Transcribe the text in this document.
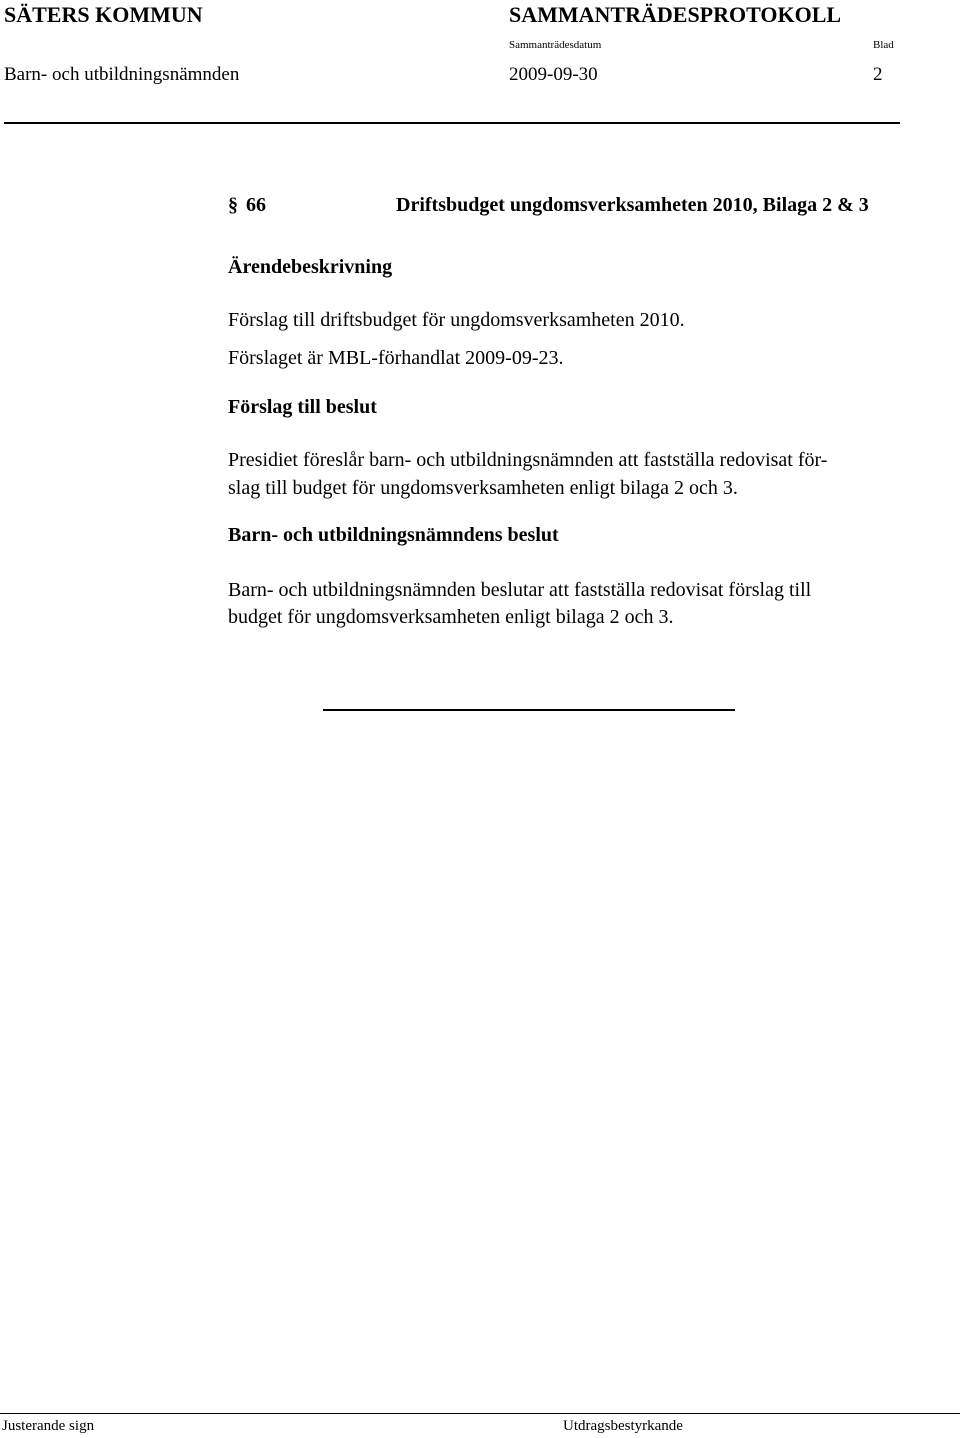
SÄTERS KOMMUN	SAMMANTRÄDESPROTOKOLL
Sammanträdesdatum	Blad
Barn- och utbildningsnämnden	2009-09-30	2
§ 66	Driftsbudget ungdomsverksamheten 2010, Bilaga 2 & 3
Ärendebeskrivning
Förslag till driftsbudget för ungdomsverksamheten 2010.
Förslaget är MBL-förhandlat 2009-09-23.
Förslag till beslut
Presidiet föreslår barn- och utbildningsnämnden att fastställa redovisat för-
slag till budget för ungdomsverksamheten enligt bilaga 2 och 3.
Barn- och utbildningsnämndens beslut
Barn- och utbildningsnämnden beslutar att fastställa redovisat förslag till
budget för ungdomsverksamheten enligt bilaga 2 och 3.
Justerande sign	Utdragsbestyrkande
